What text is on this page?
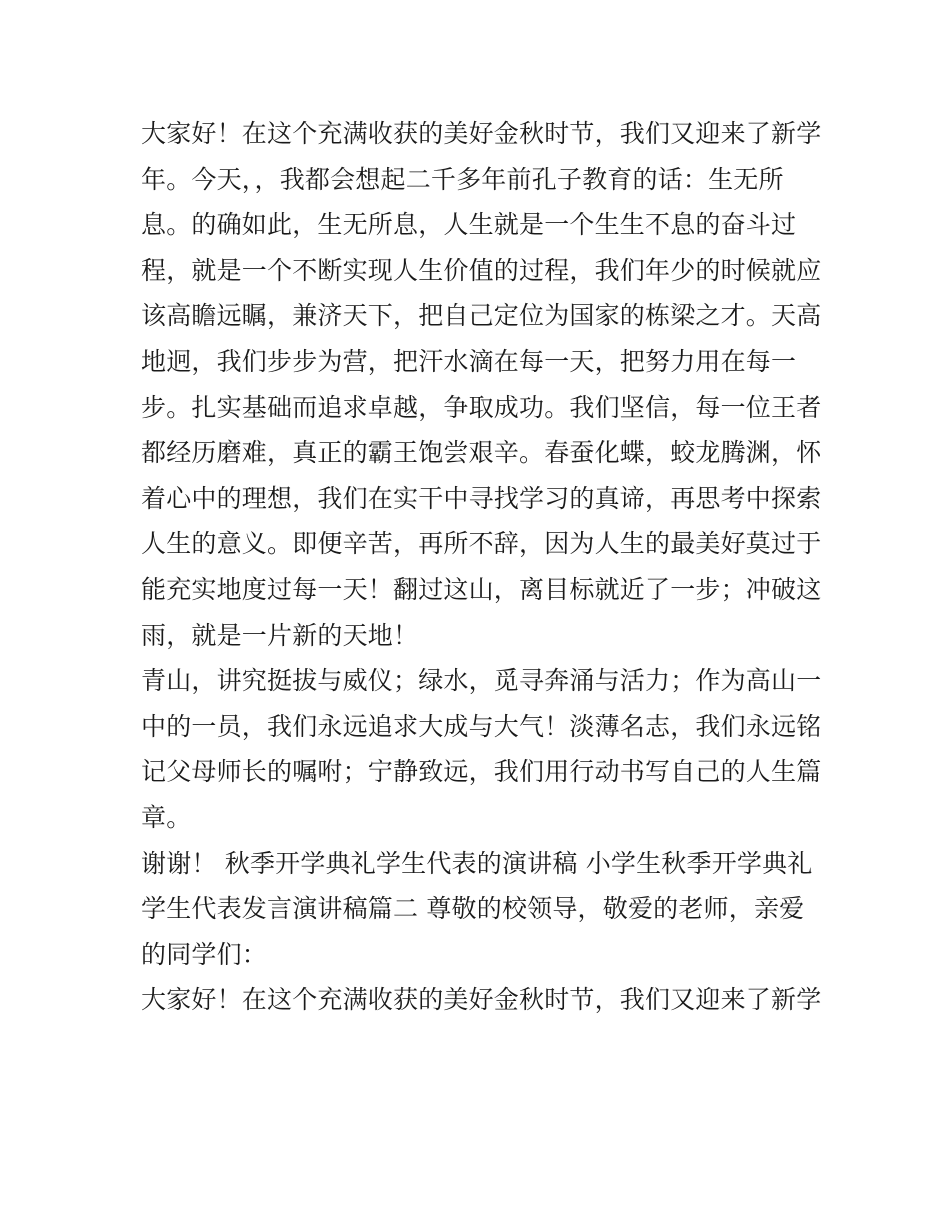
大家好！在这个充满收获的美好金秋时节，我们又迎来了新学
年。今天，，我都会想起二千多年前孔子教育的话：生无所
息。的确如此，生无所息，人生就是一个生生不息的奋斗过
程，就是一个不断实现人生价值的过程，我们年少的时候就应
该高瞻远瞩，兼济天下，把自己定位为国家的栋梁之才。天高
地迥，我们步步为营，把汗水滴在每一天，把努力用在每一
步。扎实基础而追求卓越，争取成功。我们坚信，每一位王者
都经历磨难，真正的霸王饱尝艰辛。春蚕化蝶，蛟龙腾渊，怀
着心中的理想，我们在实干中寻找学习的真谛，再思考中探索
人生的意义。即便辛苦，再所不辞，因为人生的最美好莫过于
能充实地度过每一天！翻过这山，离目标就近了一步；冲破这
雨，就是一片新的天地！
青山，讲究挺拔与威仪；绿水，觅寻奔涌与活力；作为高山一
中的一员，我们永远追求大成与大气！淡薄名志，我们永远铭
记父母师长的嘱咐；宁静致远，我们用行动书写自己的人生篇
章。
谢谢！ 秋季开学典礼学生代表的演讲稿 小学生秋季开学典礼
学生代表发言演讲稿篇二 尊敬的校领导，敬爱的老师，亲爱
的同学们：
大家好！在这个充满收获的美好金秋时节，我们又迎来了新学
